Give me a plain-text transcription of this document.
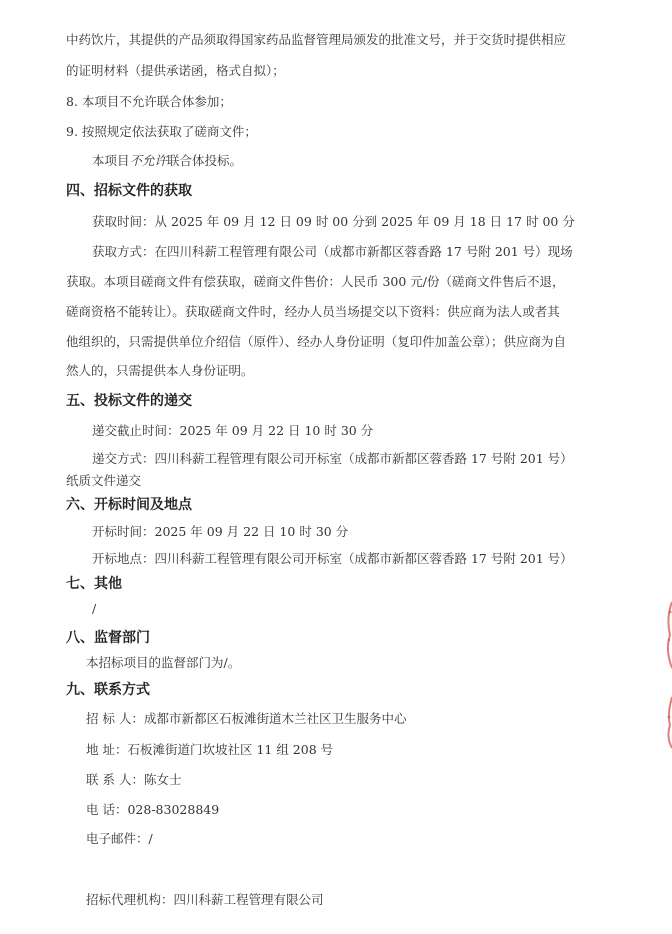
中药饮片，其提供的产品须取得国家药品监督管理局颁发的批准文号，并于交货时提供相应
的证明材料（提供承诺函，格式自拟）；
8. 本项目不允许联合体参加；
9. 按照规定依法获取了磋商文件；
本项目不允许联合体投标。
四、招标文件的获取
获取时间：从 2025 年 09 月 12 日 09 时 00 分到 2025 年 09 月 18 日 17 时 00 分
获取方式：在四川科薪工程管理有限公司（成都市新都区蓉香路 17 号附 201 号）现场
获取。本项目磋商文件有偿获取，磋商文件售价：人民币 300 元/份（磋商文件售后不退，
磋商资格不能转让）。获取磋商文件时，经办人员当场提交以下资料：供应商为法人或者其
他组织的，只需提供单位介绍信（原件）、经办人身份证明（复印件加盖公章）；供应商为自
然人的，只需提供本人身份证明。
五、投标文件的递交
递交截止时间：2025 年 09 月 22 日 10 时 30 分
递交方式：四川科薪工程管理有限公司开标室（成都市新都区蓉香路 17 号附 201 号）
纸质文件递交
六、开标时间及地点
开标时间：2025 年 09 月 22 日 10 时 30 分
开标地点：四川科薪工程管理有限公司开标室（成都市新都区蓉香路 17 号附 201 号）
七、其他
/
八、监督部门
本招标项目的监督部门为/。
九、联系方式
招 标 人：成都市新都区石板滩街道木兰社区卫生服务中心
地 址：石板滩街道门坎坡社区 11 组 208 号
联 系 人：陈女士
电 话：028-83028849
电子邮件：/
招标代理机构：四川科薪工程管理有限公司
